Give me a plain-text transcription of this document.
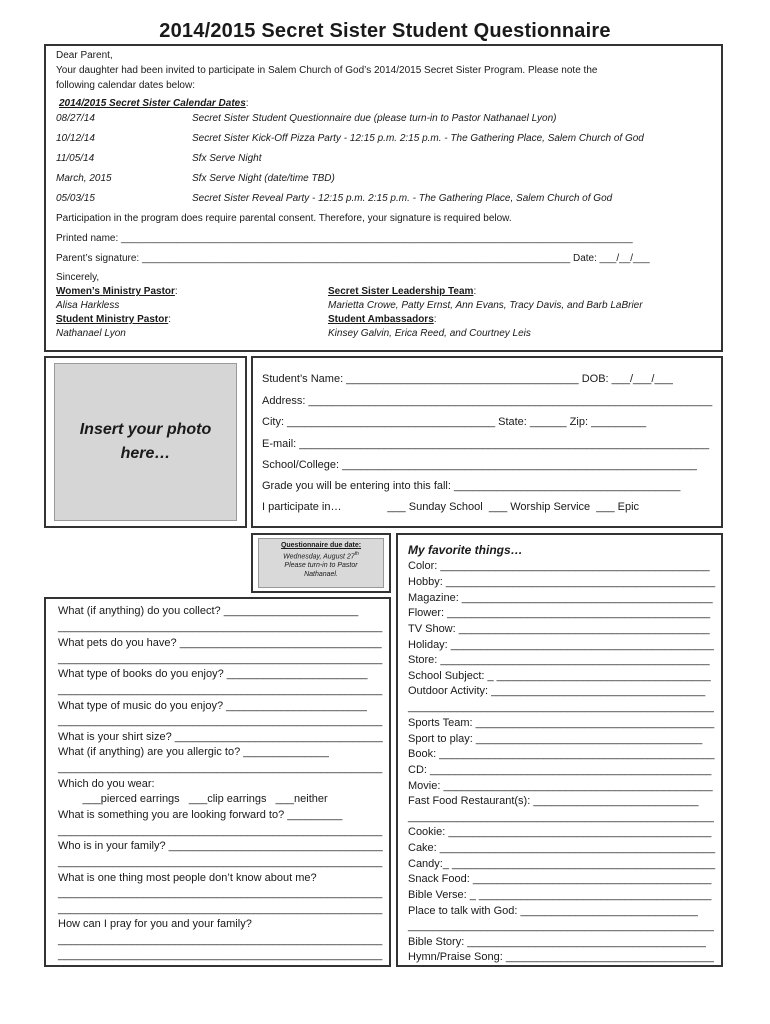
2014/2015 Secret Sister Student Questionnaire
Dear Parent,
Your daughter had been invited to participate in Salem Church of God’s 2014/2015 Secret Sister Program. Please note the
following calendar dates below:
2014/2015 Secret Sister Calendar Dates:
08/27/14	Secret Sister Student Questionnaire due (please turn-in to Pastor Nathanael Lyon)
10/12/14	Secret Sister Kick-Off Pizza Party - 12:15 p.m. 2:15 p.m. - The Gathering Place, Salem Church of God
11/05/14	Sfx Serve Night
March, 2015	Sfx Serve Night (date/time TBD)
05/03/15	Secret Sister Reveal Party - 12:15 p.m. 2:15 p.m. - The Gathering Place, Salem Church of God
Participation in the program does require parental consent. Therefore, your signature is required below.
Printed name: ____________________________________________________________________________________________
Parent’s signature: _____________________________________________________________________________ Date: ___/__/___
Sincerely,
Women’s Ministry Pastor:
Alisa Harkless
Student Ministry Pastor:
Nathanael Lyon
Secret Sister Leadership Team:
Marietta Crowe, Patty Ernst, Ann Evans, Tracy Davis, and Barb LaBrier
Student Ambassadors:
Kinsey Galvin, Erica Reed, and Courtney Leis
Insert your photo
here…
Student’s Name: ______________________________________ DOB: ___/___/___
Address: __________________________________________________________________
City: __________________________________ State: ______ Zip: _________
E-mail: ___________________________________________________________________
School/College: __________________________________________________________
Grade you will be entering into this fall: _____________________________________
I participate in…               ___ Sunday School  ___ Worship Service  ___ Epic
Questionnaire due date:
Wednesday, August 27th
Please turn-in to Pastor
Nathanael.
What (if anything) do you collect? ______________________
_____________________________________________________
What pets do you have? _________________________________
_____________________________________________________
What type of books do you enjoy? _______________________
_____________________________________________________
What type of music do you enjoy? _______________________
_____________________________________________________
What is your shirt size? __________________________________
What (if anything) are you allergic to? ______________
_____________________________________________________
Which do you wear:
___pierced earrings   ___clip earrings   ___neither
What is something you are looking forward to? _________
_____________________________________________________
Who is in your family? ___________________________________
_____________________________________________________
What is one thing most people don’t know about me?
_____________________________________________________
_____________________________________________________
How can I pray for you and your family?
_____________________________________________________
_____________________________________________________
My favorite things…
Color: ____________________________________________
Hobby: ____________________________________________
Magazine: _________________________________________
Flower: ___________________________________________
TV Show: _________________________________________
Holiday: ___________________________________________
Store: ____________________________________________
School Subject: _ ___________________________________
Outdoor Activity: ___________________________________
__________________________________________________
Sports Team: _______________________________________
Sport to play: _____________________________________
Book: _____________________________________________
CD: ______________________________________________
Movie: ____________________________________________
Fast Food Restaurant(s): ___________________________
__________________________________________________
Cookie: ___________________________________________
Cake: _____________________________________________
Candy:_ ___________________________________________
Snack Food: _______________________________________
Bible Verse: _ ______________________________________
Place to talk with God: _____________________________
__________________________________________________
Bible Story: _______________________________________
Hymn/Praise Song: __________________________________
